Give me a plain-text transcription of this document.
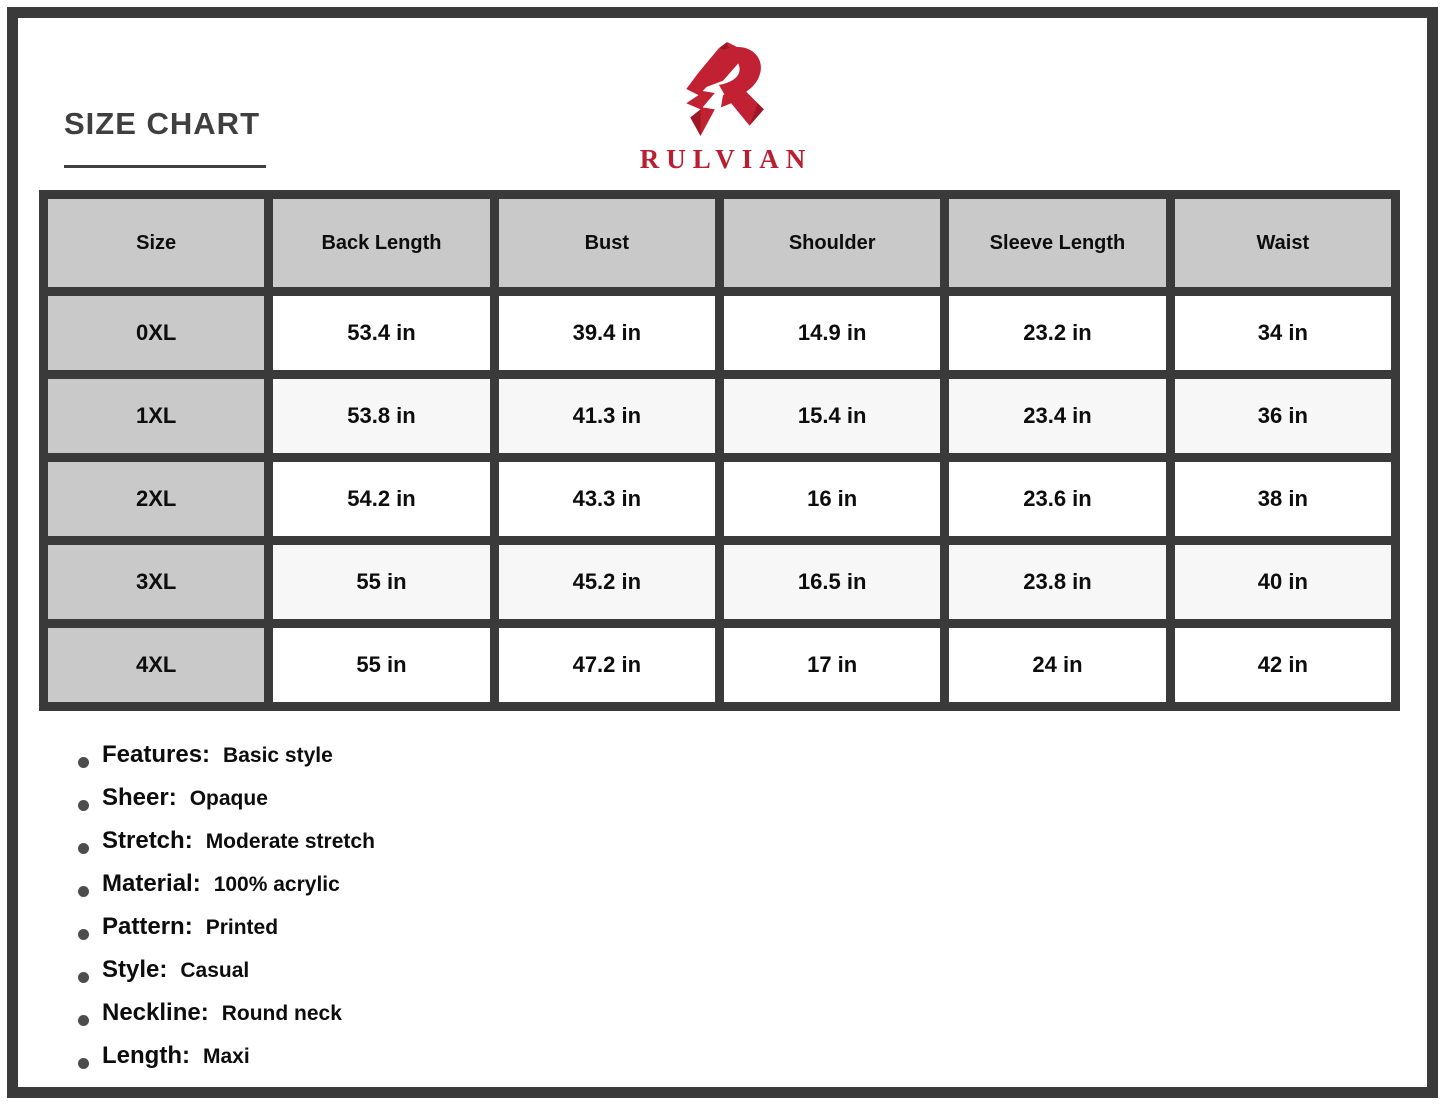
SIZE CHART
RULVIAN
Size	Back Length	Bust	Shoulder	Sleeve Length	Waist
0XL	53.4 in	39.4 in	14.9 in	23.2 in	34 in
1XL	53.8 in	41.3 in	15.4 in	23.4 in	36 in
2XL	54.2 in	43.3 in	16 in	23.6 in	38 in
3XL	55 in	45.2 in	16.5 in	23.8 in	40 in
4XL	55 in	47.2 in	17 in	24 in	42 in
Features: Basic style
Sheer: Opaque
Stretch: Moderate stretch
Material: 100% acrylic
Pattern: Printed
Style: Casual
Neckline: Round neck
Length: Maxi
